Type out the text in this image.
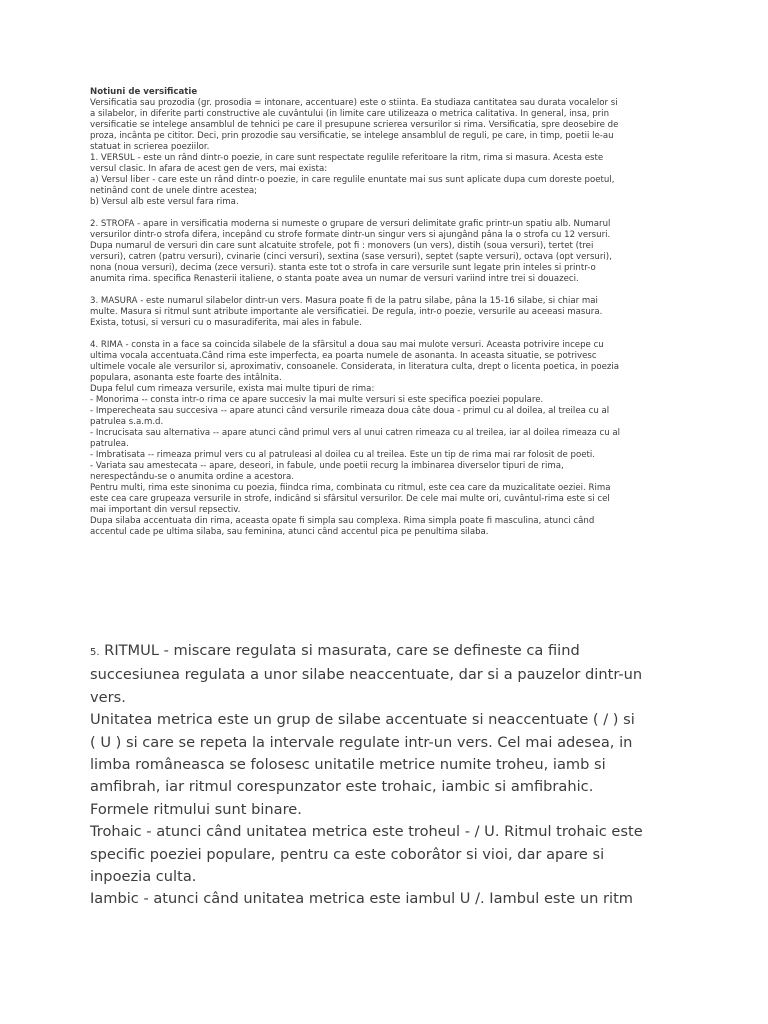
Notiuni de versificatie

Versificatia sau prozodia (gr. prosodia = intonare, accentuare) este o stiinta. Ea studiaza cantitatea sau durata vocalelor si
a silabelor, in diferite parti constructive ale cuvântului (in limite care utilizeaza o metrica calitativa. In general, insa, prin
versificatie se intelege ansamblul de tehnici pe care il presupune scrierea versurilor si rima. Versificatia, spre deosebire de
proza, incânta pe cititor. Deci, prin prozodie sau versificatie, se intelege ansamblul de reguli, pe care, in timp, poetii le-au
statuat in scrierea poeziilor.

1. VERSUL - este un rând dintr-o poezie, in care sunt respectate regulile referitoare la ritm, rima si masura. Acesta este
versul clasic. In afara de acest gen de vers, mai exista:
a) Versul liber - care este un rând dintr-o poezie, in care regulile enuntate mai sus sunt aplicate dupa cum doreste poetul,
netinând cont de unele dintre acestea;
b) Versul alb este versul fara rima.

2. STROFA - apare in versificatia moderna si numeste o grupare de versuri delimitate grafic printr-un spatiu alb. Numarul
versurilor dintr-o strofa difera, incepând cu strofe formate dintr-un singur vers si ajungând pâna la o strofa cu 12 versuri.
Dupa numarul de versuri din care sunt alcatuite strofele, pot fi : monovers (un vers), distih (soua versuri), tertet (trei
versuri), catren (patru versuri), cvinarie (cinci versuri), sextina (sase versuri), septet (sapte versuri), octava (opt versuri),
nona (noua versuri), decima (zece versuri). stanta este tot o strofa in care versurile sunt legate prin inteles si printr-o
anumita rima. specifica Renasterii italiene, o stanta poate avea un numar de versuri variind intre trei si douazeci.

3. MASURA - este numarul silabelor dintr-un vers. Masura poate fi de la patru silabe, pâna la 15-16 silabe, si chiar mai
multe. Masura si ritmul sunt atribute importante ale versificatiei. De regula, intr-o poezie, versurile au aceeasi masura.
Exista, totusi, si versuri cu o masuradiferita, mai ales in fabule.

4. RIMA - consta in a face sa coincida silabele de la sfârsitul a doua sau mai mulote versuri. Aceasta potrivire incepe cu
ultima vocala accentuata.Când rima este imperfecta, ea poarta numele de asonanta. In aceasta situatie, se potrivesc
ultimele vocale ale versurilor si, aproximativ, consoanele. Considerata, in literatura culta, drept o licenta poetica, in poezia
populara, asonanta este foarte des intâlnita.
Dupa felul cum rimeaza versurile, exista mai multe tipuri de rima:
- Monorima -- consta intr-o rima ce apare succesiv la mai multe versuri si este specifica poeziei populare.
- Imperecheata sau succesiva -- apare atunci când versurile rimeaza doua câte doua - primul cu al doilea, al treilea cu al
patrulea s.a.m.d.
- Incrucisata sau alternativa -- apare atunci când primul vers al unui catren rimeaza cu al treilea, iar al doilea rimeaza cu al
patrulea.
- Imbratisata -- rimeaza primul vers cu al patruleasi al doilea cu al treilea. Este un tip de rima mai rar folosit de poeti.
- Variata sau amestecata -- apare, deseori, in fabule, unde poetii recurg la imbinarea diverselor tipuri de rima,
nerespectându-se o anumita ordine a acestora.
Pentru multi, rima este sinonima cu poezia, fiindca rima, combinata cu ritmul, este cea care da muzicalitate oeziei. Rima
este cea care grupeaza versurile in strofe, indicând si sfârsitul versurilor. De cele mai multe ori, cuvântul-rima este si cel
mai important din versul repsectiv.
Dupa silaba accentuata din rima, aceasta opate fi simpla sau complexa. Rima simpla poate fi masculina, atunci când
accentul cade pe ultima silaba, sau feminina, atunci când accentul pica pe penultima silaba.

5. RITMUL - miscare regulata si masurata, care se defineste ca fiind
succesiunea regulata a unor silabe neaccentuate, dar si a pauzelor dintr-un
vers.
Unitatea metrica este un grup de silabe accentuate si neaccentuate ( / ) si
( U ) si care se repeta la intervale regulate intr-un vers. Cel mai adesea, in
limba româneasca se folosesc unitatile metrice numite troheu, iamb si
amfibrah, iar ritmul corespunzator este trohaic, iambic si amfibrahic.
Formele ritmului sunt binare.
Trohaic - atunci când unitatea metrica este troheul - / U. Ritmul trohaic este
specific poeziei populare, pentru ca este coborâtor si vioi, dar apare si
inpoezia culta.
Iambic - atunci când unitatea metrica este iambul U /. Iambul este un ritm
